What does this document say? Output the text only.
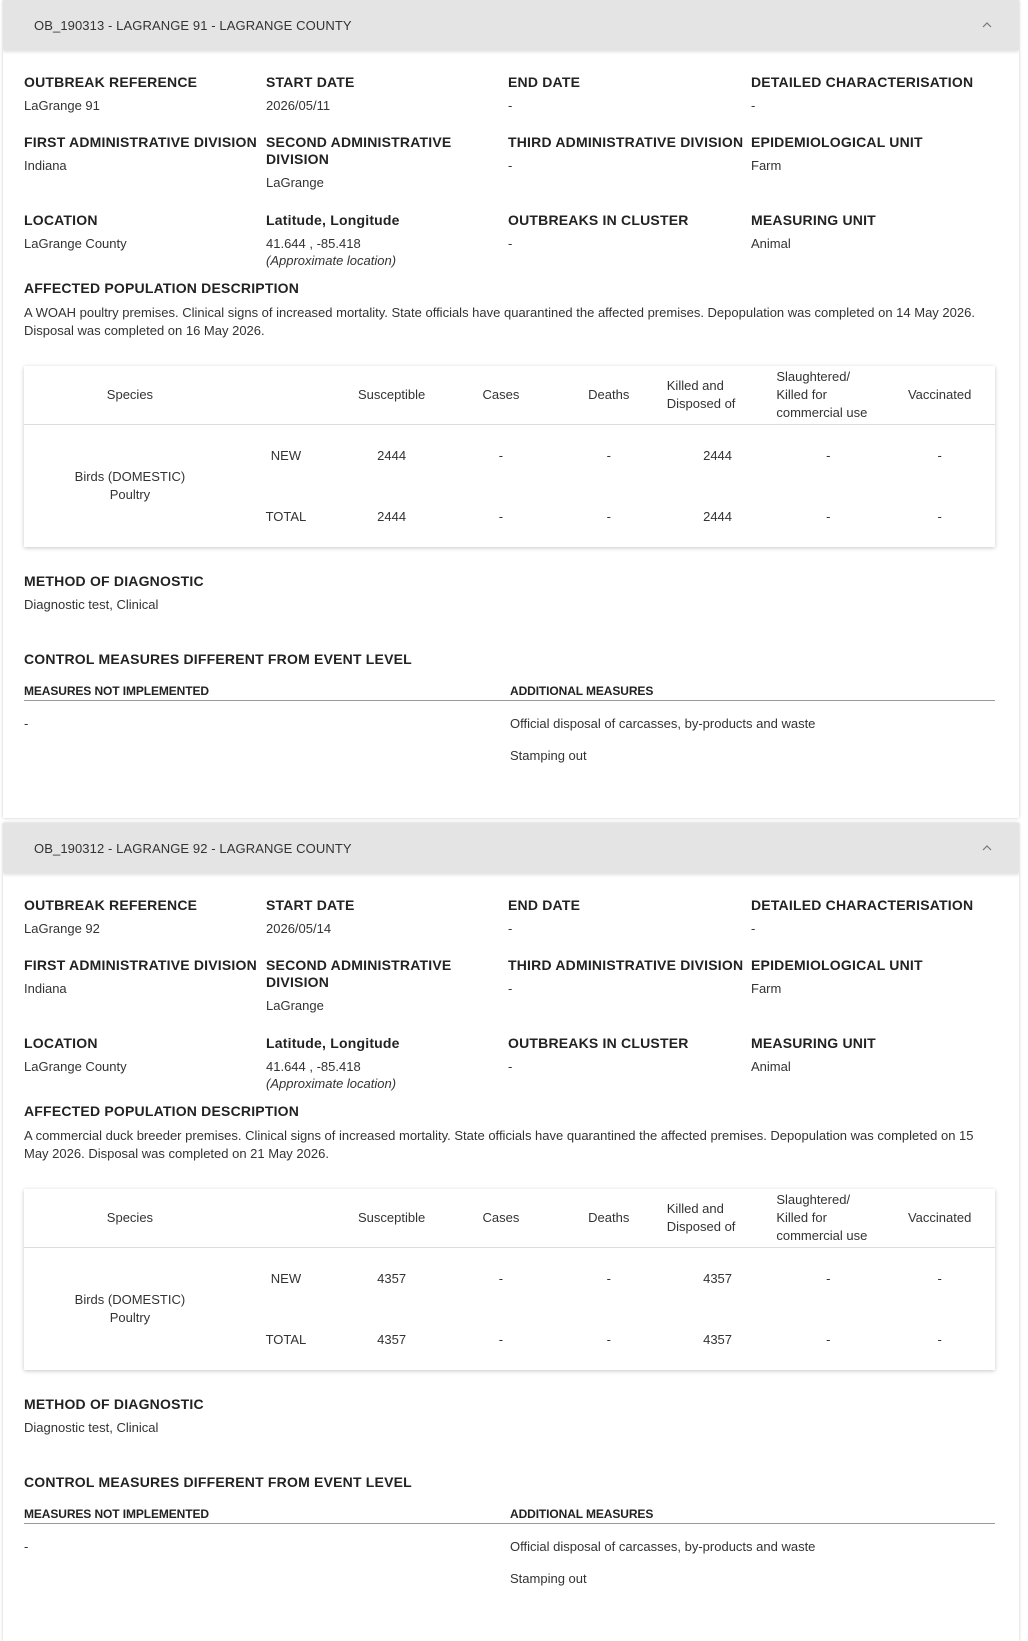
OB_190313 - LAGRANGE 91 - LAGRANGE COUNTY
OUTBREAK REFERENCE
LaGrange 91
START DATE
2026/05/11
END DATE
-
DETAILED CHARACTERISATION
-
FIRST ADMINISTRATIVE DIVISION
Indiana
SECOND ADMINISTRATIVE DIVISION
LaGrange
THIRD ADMINISTRATIVE DIVISION
-
EPIDEMIOLOGICAL UNIT
Farm
LOCATION
LaGrange County
Latitude, Longitude
41.644 , -85.418
(Approximate location)
OUTBREAKS IN CLUSTER
-
MEASURING UNIT
Animal
AFFECTED POPULATION DESCRIPTION
A WOAH poultry premises. Clinical signs of increased mortality. State officials have quarantined the affected premises. Depopulation was completed on 14 May 2026. Disposal was completed on 16 May 2026.
Species		Susceptible	Cases	Deaths	Killed and Disposed of	Slaughtered/ Killed for commercial use	Vaccinated
Birds (DOMESTIC) Poultry	NEW	2444	-	-	2444	-	-
	TOTAL	2444	-	-	2444	-	-
METHOD OF DIAGNOSTIC
Diagnostic test, Clinical
CONTROL MEASURES DIFFERENT FROM EVENT LEVEL
MEASURES NOT IMPLEMENTED	ADDITIONAL MEASURES
-	Official disposal of carcasses, by-products and waste
Stamping out
OB_190312 - LAGRANGE 92 - LAGRANGE COUNTY
OUTBREAK REFERENCE
LaGrange 92
START DATE
2026/05/14
END DATE
-
DETAILED CHARACTERISATION
-
FIRST ADMINISTRATIVE DIVISION
Indiana
SECOND ADMINISTRATIVE DIVISION
LaGrange
THIRD ADMINISTRATIVE DIVISION
-
EPIDEMIOLOGICAL UNIT
Farm
LOCATION
LaGrange County
Latitude, Longitude
41.644 , -85.418
(Approximate location)
OUTBREAKS IN CLUSTER
-
MEASURING UNIT
Animal
AFFECTED POPULATION DESCRIPTION
A commercial duck breeder premises. Clinical signs of increased mortality. State officials have quarantined the affected premises. Depopulation was completed on 15 May 2026. Disposal was completed on 21 May 2026.
Species		Susceptible	Cases	Deaths	Killed and Disposed of	Slaughtered/ Killed for commercial use	Vaccinated
Birds (DOMESTIC) Poultry	NEW	4357	-	-	4357	-	-
	TOTAL	4357	-	-	4357	-	-
METHOD OF DIAGNOSTIC
Diagnostic test, Clinical
CONTROL MEASURES DIFFERENT FROM EVENT LEVEL
MEASURES NOT IMPLEMENTED	ADDITIONAL MEASURES
-	Official disposal of carcasses, by-products and waste
Stamping out
